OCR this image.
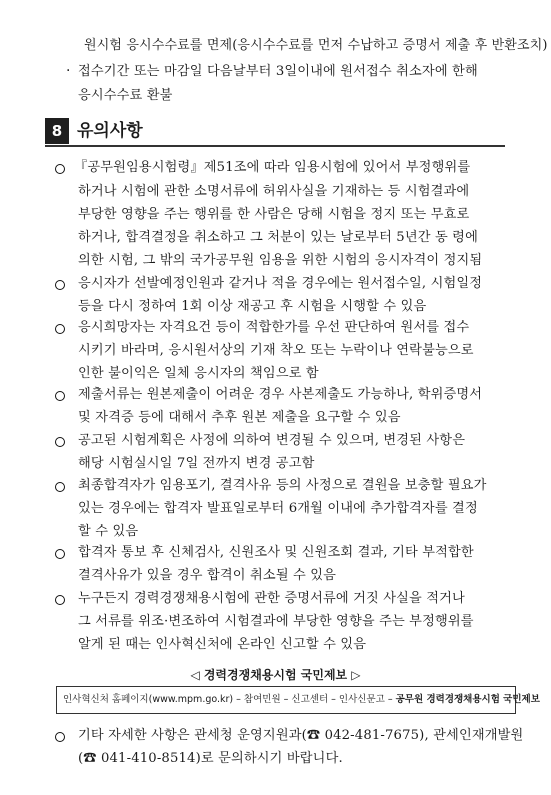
원시험 응시수수료를 면제(응시수수료를 먼저 수납하고 증명서 제출 후 반환조치)
· 접수기간 또는 마감일 다음날부터 3일이내에 원서접수 취소자에 한해
응시수수료 환불
8 유의사항
『공무원임용시험령』제51조에 따라 임용시험에 있어서 부정행위를
하거나 시험에 관한 소명서류에 허위사실을 기재하는 등 시험결과에
부당한 영향을 주는 행위를 한 사람은 당해 시험을 정지 또는 무효로
하거나, 합격결정을 취소하고 그 처분이 있는 날로부터 5년간 동 령에
의한 시험, 그 밖의 국가공무원 임용을 위한 시험의 응시자격이 정지됨
응시자가 선발예정인원과 같거나 적을 경우에는 원서접수일, 시험일정
등을 다시 정하여 1회 이상 재공고 후 시험을 시행할 수 있음
응시희망자는 자격요건 등이 적합한가를 우선 판단하여 원서를 접수
시키기 바라며, 응시원서상의 기재 착오 또는 누락이나 연락불능으로
인한 불이익은 일체 응시자의 책임으로 함
제출서류는 원본제출이 어려운 경우 사본제출도 가능하나, 학위증명서
및 자격증 등에 대해서 추후 원본 제출을 요구할 수 있음
공고된 시험계획은 사정에 의하여 변경될 수 있으며, 변경된 사항은
해당 시험실시일 7일 전까지 변경 공고함
최종합격자가 임용포기, 결격사유 등의 사정으로 결원을 보충할 필요가
있는 경우에는 합격자 발표일로부터 6개월 이내에 추가합격자를 결정
할 수 있음
합격자 통보 후 신체검사, 신원조사 및 신원조회 결과, 기타 부적합한
결격사유가 있을 경우 합격이 취소될 수 있음
누구든지 경력경쟁채용시험에 관한 증명서류에 거짓 사실을 적거나
그 서류를 위조·변조하여 시험결과에 부당한 영향을 주는 부정행위를
알게 된 때는 인사혁신처에 온라인 신고할 수 있음
◁ 경력경쟁채용시험 국민제보 ▷
인사혁신처 홈페이지(www.mpm.go.kr) – 참여민원 – 신고센터 – 인사신문고 – 공무원 경력경쟁채용시험 국민제보
기타 자세한 사항은 관세청 운영지원과(☎ 042-481-7675), 관세인재개발원
(☎ 041-410-8514)로 문의하시기 바랍니다.
